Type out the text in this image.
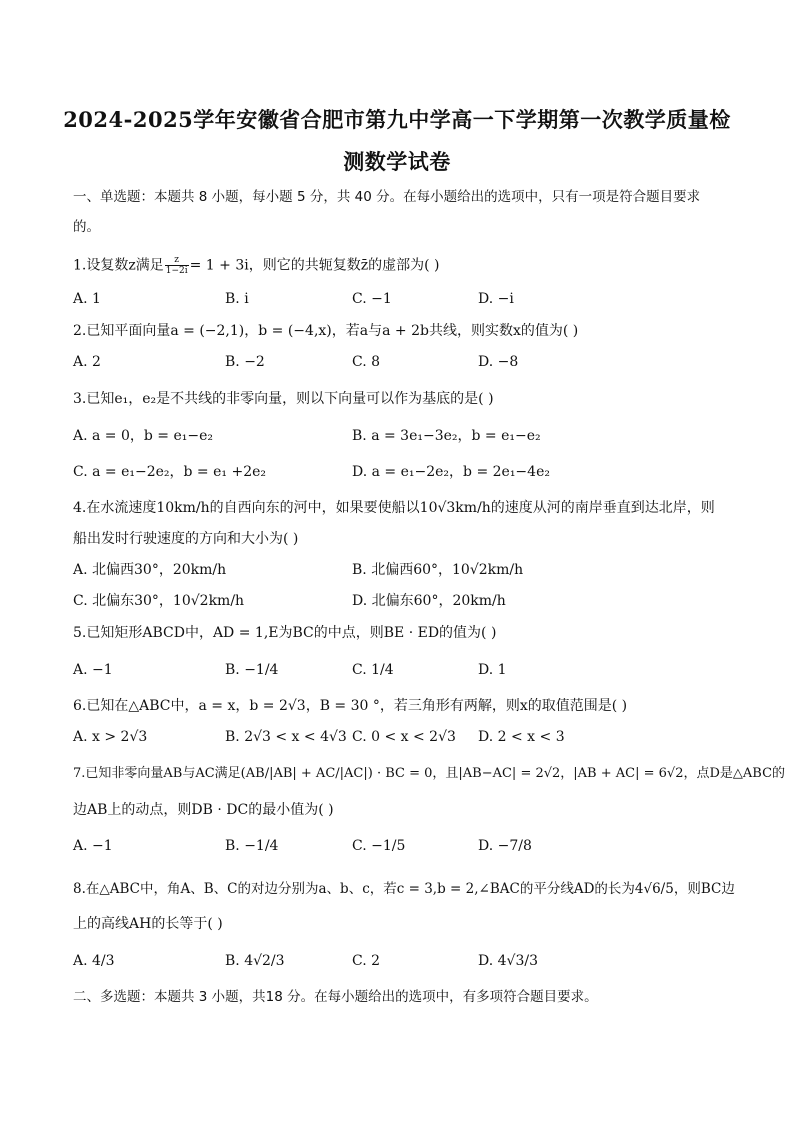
2024-2025学年安徽省合肥市第九中学高一下学期第一次教学质量检
测数学试卷
一、单选题：本题共 8 小题，每小题 5 分，共 40 分。在每小题给出的选项中，只有一项是符合题目要求
的。
1.设复数z满足 $\frac{z}{1-2i} = 1 + 3i$，则它的共轭复数z̄的虚部为( )
A. 1	B. i	C. −1	D. −i
2.已知平面向量a = (−2,1)，b = (−4,x)，若a与a + 2b共线，则实数x的值为( )
A. 2	B. −2	C. 8	D. −8
3.已知e₁，e₂是不共线的非零向量，则以下向量可以作为基底的是( )
A. a = 0，b = e₁−e₂	B. a = 3e₁−3e₂，b = e₁−e₂
C. a = e₁−2e₂，b = e₁ +2e₂	D. a = e₁−2e₂，b = 2e₁−4e₂
4.在水流速度10km/h的自西向东的河中，如果要使船以10√3km/h的速度从河的南岸垂直到达北岸，则
船出发时行驶速度的方向和大小为( )
A. 北偏西30°，20km/h	B. 北偏西60°，10√2km/h
C. 北偏东30°，10√2km/h	D. 北偏东60°，20km/h
5.已知矩形ABCD中，AD = 1,E为BC的中点，则BE · ED的值为( )
A. −1	B. −1/4	C. 1/4	D. 1
6.已知在△ABC中，a = x，b = 2√3，B = 30 °，若三角形有两解，则x的取值范围是( )
A. x > 2√3	B. 2√3 < x < 4√3 C. 0 < x < 2√3 D. 2 < x < 3
7.已知非零向量AB与AC满足(AB/|AB| + AC/|AC|) · BC = 0，且|AB−AC| = 2√2，|AB + AC| = 6√2，点D是△ABC的
边AB上的动点，则DB · DC的最小值为( )
A. −1	B. −1/4	C. −1/5	D. −7/8
8.在△ABC中，角A、B、C的对边分别为a、b、c，若c = 3,b = 2,∠BAC的平分线AD的长为4√6/5，则BC边
上的高线AH的长等于( )
A. 4/3	B. 4√2/3	C. 2	D. 4√3/3
二、多选题：本题共 3 小题，共18 分。在每小题给出的选项中，有多项符合题目要求。
